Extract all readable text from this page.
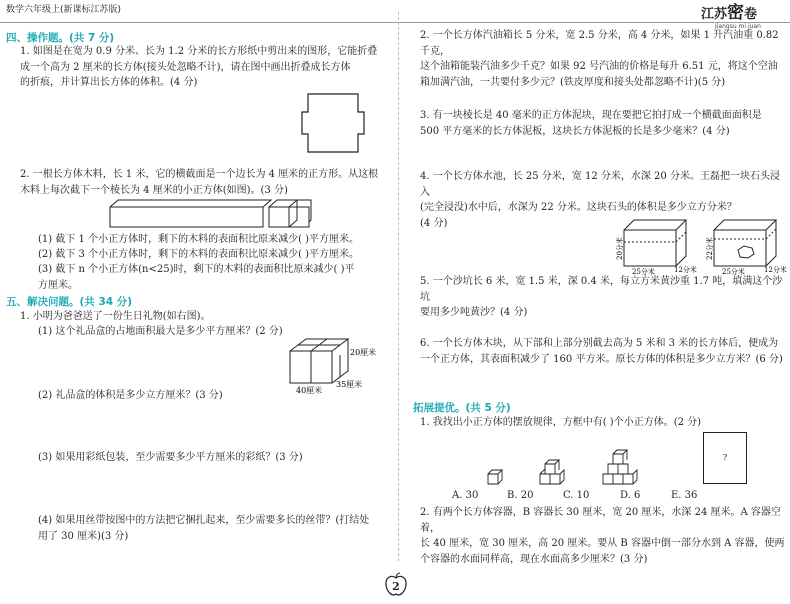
数学六年级上(新课标江苏版)	江苏密卷
Jiangsu mi juan
四、操作题。(共 7 分)
1. 如图是在宽为 0.9 分米、长为 1.2 分米的长方形纸中剪出来的图形，它能折叠
成一个高为 2 厘米的长方体(接头处忽略不计)，请在图中画出折叠成长方体
的折痕，并计算出长方体的体积。(4 分)
2. 一根长方体木料，长 1 米，它的横截面是一个边长为 4 厘米的正方形。从这根
木料上每次截下一个棱长为 4 厘米的小正方体(如图)。(3 分)
(1) 截下 1 个小正方体时，剩下的木料的表面积比原来减少( )平方厘米。
(2) 截下 3 个小正方体时，剩下的木料的表面积比原来减少( )平方厘米。
(3) 截下 n 个小正方体(n<25)时，剩下的木料的表面积比原来减少( )平
方厘米。
五、解决问题。(共 34 分)
1. 小明为爸爸送了一份生日礼物(如右图)。
(1) 这个礼品盒的占地面积最大是多少平方厘米？(2 分)
20厘米
40厘米
35厘米
(2) 礼品盒的体积是多少立方厘米？(3 分)
(3) 如果用彩纸包装，至少需要多少平方厘米的彩纸？(3 分)
(4) 如果用丝带按图中的方法把它捆扎起来，至少需要多长的丝带？(打结处
用了 30 厘米)(3 分)
2. 一个长方体汽油箱长 5 分米，宽 2.5 分米，高 4 分米，如果 1 升汽油重 0.82 千克，
这个油箱能装汽油多少千克？如果 92 号汽油的价格是每升 6.51 元，将这个空油箱加满汽油，一共要付多少元？(铁皮厚度和接头处都忽略不计)(5 分)
3. 有一块棱长是 40 毫米的正方体泥块，现在要把它拍打成一个横截面面积是
500 平方毫米的长方体泥板，这块长方体泥板的长是多少毫米？(4 分)
4. 一个长方体水池，长 25 分米，宽 12 分米，水深 20 分米。王磊把一块石头浸入
(完全浸没)水中后，水深为 22 分米。这块石头的体积是多少立方分米？
(4 分)
20分米
25分米	12分米
22分米
25分米	12分米
5. 一个沙坑长 6 米，宽 1.5 米，深 0.4 米，每立方米黄沙重 1.7 吨，填满这个沙坑
要用多少吨黄沙？(4 分)
6. 一个长方体木块，从下部和上部分别截去高为 5 米和 3 米的长方体后，便成为
一个正方体，其表面积减少了 160 平方米。原长方体的体积是多少立方米？(6 分)
拓展提优。(共 5 分)
1. 我找出小正方体的摆放规律，方框中有( )个小正方体。(2 分)
?
A. 30	B. 20	C. 10	D. 6	E. 36
2. 有两个长方体容器，B 容器长 30 厘米，宽 20 厘米，水深 24 厘米。A 容器空着，
长 40 厘米，宽 30 厘米，高 20 厘米。要从 B 容器中倒一部分水到 A 容器，使两
个容器的水面同样高，现在水面高多少厘米？(3 分)
2
